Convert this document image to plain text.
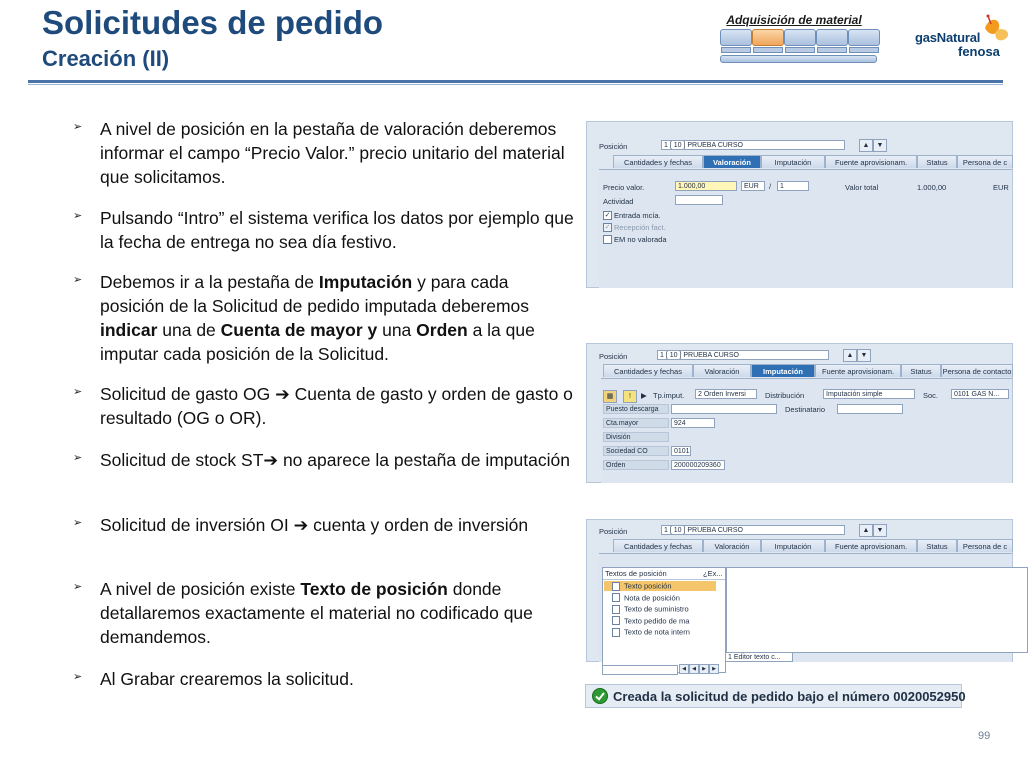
Solicitudes de pedido
Creación (II)
Adquisición de material
gasNatural
fenosa
➢ A nivel de posición en la pestaña de valoración deberemos informar el campo “Precio Valor.” precio unitario del material que solicitamos.
➢ Pulsando “Intro” el sistema verifica los datos por ejemplo que la fecha de entrega no sea día festivo.
➢ Debemos ir a la pestaña de Imputación y para cada posición de la Solicitud de pedido imputada deberemos indicar una de Cuenta de mayor y una Orden a la que imputar cada posición de la Solicitud.
➢ Solicitud de gasto OG ➔ Cuenta de gasto y orden de gasto o resultado (OG o OR).
➢ Solicitud de stock ST➔ no aparece la pestaña de imputación
➢ Solicitud de inversión OI ➔ cuenta y orden de inversión
➢ A nivel de posición existe Texto de posición donde detallaremos exactamente el material no codificado que demandemos.
➢ Al Grabar crearemos la solicitud.
Posición	1 [ 10 ] PRUEBA CURSO	▲	▼
Cantidades y fechas	Valoración	Imputación	Fuente aprovisionam.	Status	Persona de c
Precio valor.	1.000,00	EUR	/	1	Valor total	1.000,00	EUR
Actividad
✓ Entrada mcía.
✓ Recepción fact.
EM no valorada
Posición	1 [ 10 ] PRUEBA CURSO	▲	▼
Cantidades y fechas	Valoración	Imputación	Fuente aprovisionam.	Status	Persona de contacto
▦	!	▶ Tp.imput.	2 Orden Inversi	Distribución	Imputación simple	Soc.	0101 GAS N...
Puesto descarga	Destinatario
Cta.mayor	924
División
Sociedad CO	0101
Orden	200000209360
Posición	1 [ 10 ] PRUEBA CURSO	▲	▼
Cantidades y fechas	Valoración	Imputación	Fuente aprovisionam.	Status	Persona de c
Textos de posición	¿Ex...
◀	◀	▶	▶
1 Editor texto c...
Texto posición
Nota de posición
Texto de suministro
Texto pedido de ma
Texto de nota intern
Creada la solicitud de pedido bajo el número 0020052950
99
